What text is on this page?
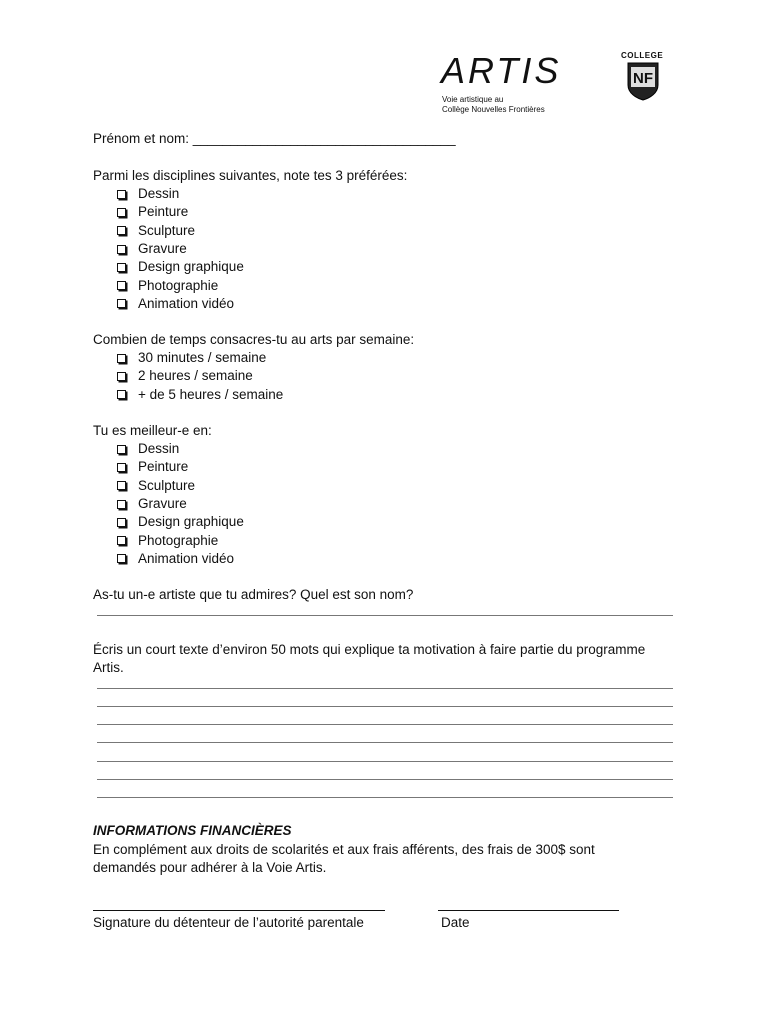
ARTIS
Voie artistique au
Collège Nouvelles Frontières
COLLEGE
NF
Prénom et nom: ___________________________________
Parmi les disciplines suivantes, note tes 3 préférées:
Dessin
Peinture
Sculpture
Gravure
Design graphique
Photographie
Animation vidéo
Combien de temps consacres-tu au arts par semaine:
30 minutes / semaine
2 heures / semaine
+ de 5 heures / semaine
Tu es meilleur-e en:
Dessin
Peinture
Sculpture
Gravure
Design graphique
Photographie
Animation vidéo
As-tu un-e artiste que tu admires? Quel est son nom?
Écris un court texte d’environ 50 mots qui explique ta motivation à faire partie du programme
Artis.
INFORMATIONS FINANCIÈRES
En complément aux droits de scolarités et aux frais afférents, des frais de 300$ sont
demandés pour adhérer à la Voie Artis.
Signature du détenteur de l’autorité parentale	Date
